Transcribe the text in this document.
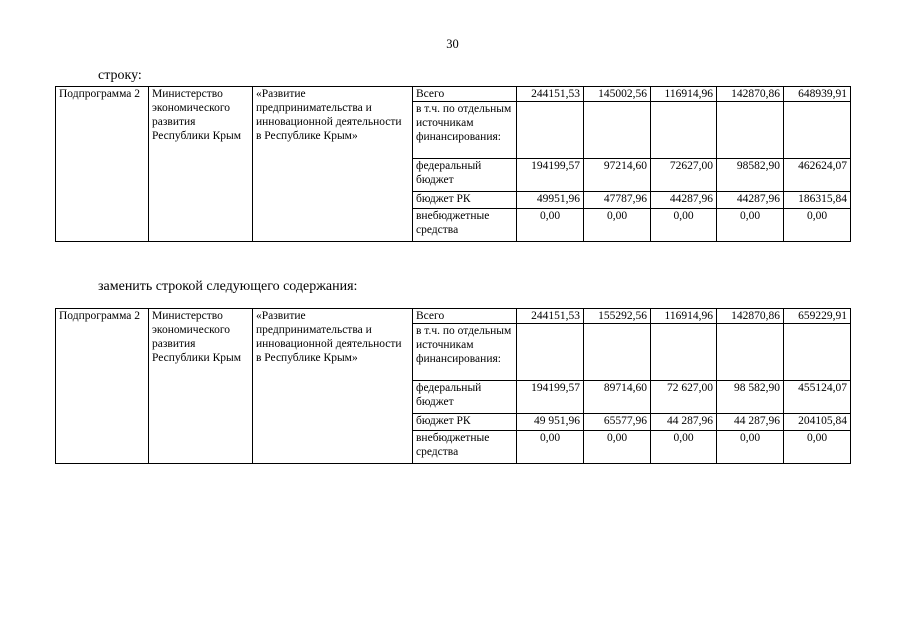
30
строку:
Подпрограмма 2	Министерство экономического развития Республики Крым	«Развитие предпринимательства и инновационной деятельности в Республике Крым»	Всего	244151,53	145002,56	116914,96	142870,86	648939,91
			в т.ч. по отдельным источникам финансирования:					
			федеральный бюджет	194199,57	97214,60	72627,00	98582,90	462624,07
			бюджет РК	49951,96	47787,96	44287,96	44287,96	186315,84
			внебюджетные средства	0,00	0,00	0,00	0,00	0,00
заменить строкой следующего содержания:
Подпрограмма 2	Министерство экономического развития Республики Крым	«Развитие предпринимательства и инновационной деятельности в Республике Крым»	Всего	244151,53	155292,56	116914,96	142870,86	659229,91
			в т.ч. по отдельным источникам финансирования:					
			федеральный бюджет	194199,57	89714,60	72 627,00	98 582,90	455124,07
			бюджет РК	49 951,96	65577,96	44 287,96	44 287,96	204105,84
			внебюджетные средства	0,00	0,00	0,00	0,00	0,00
